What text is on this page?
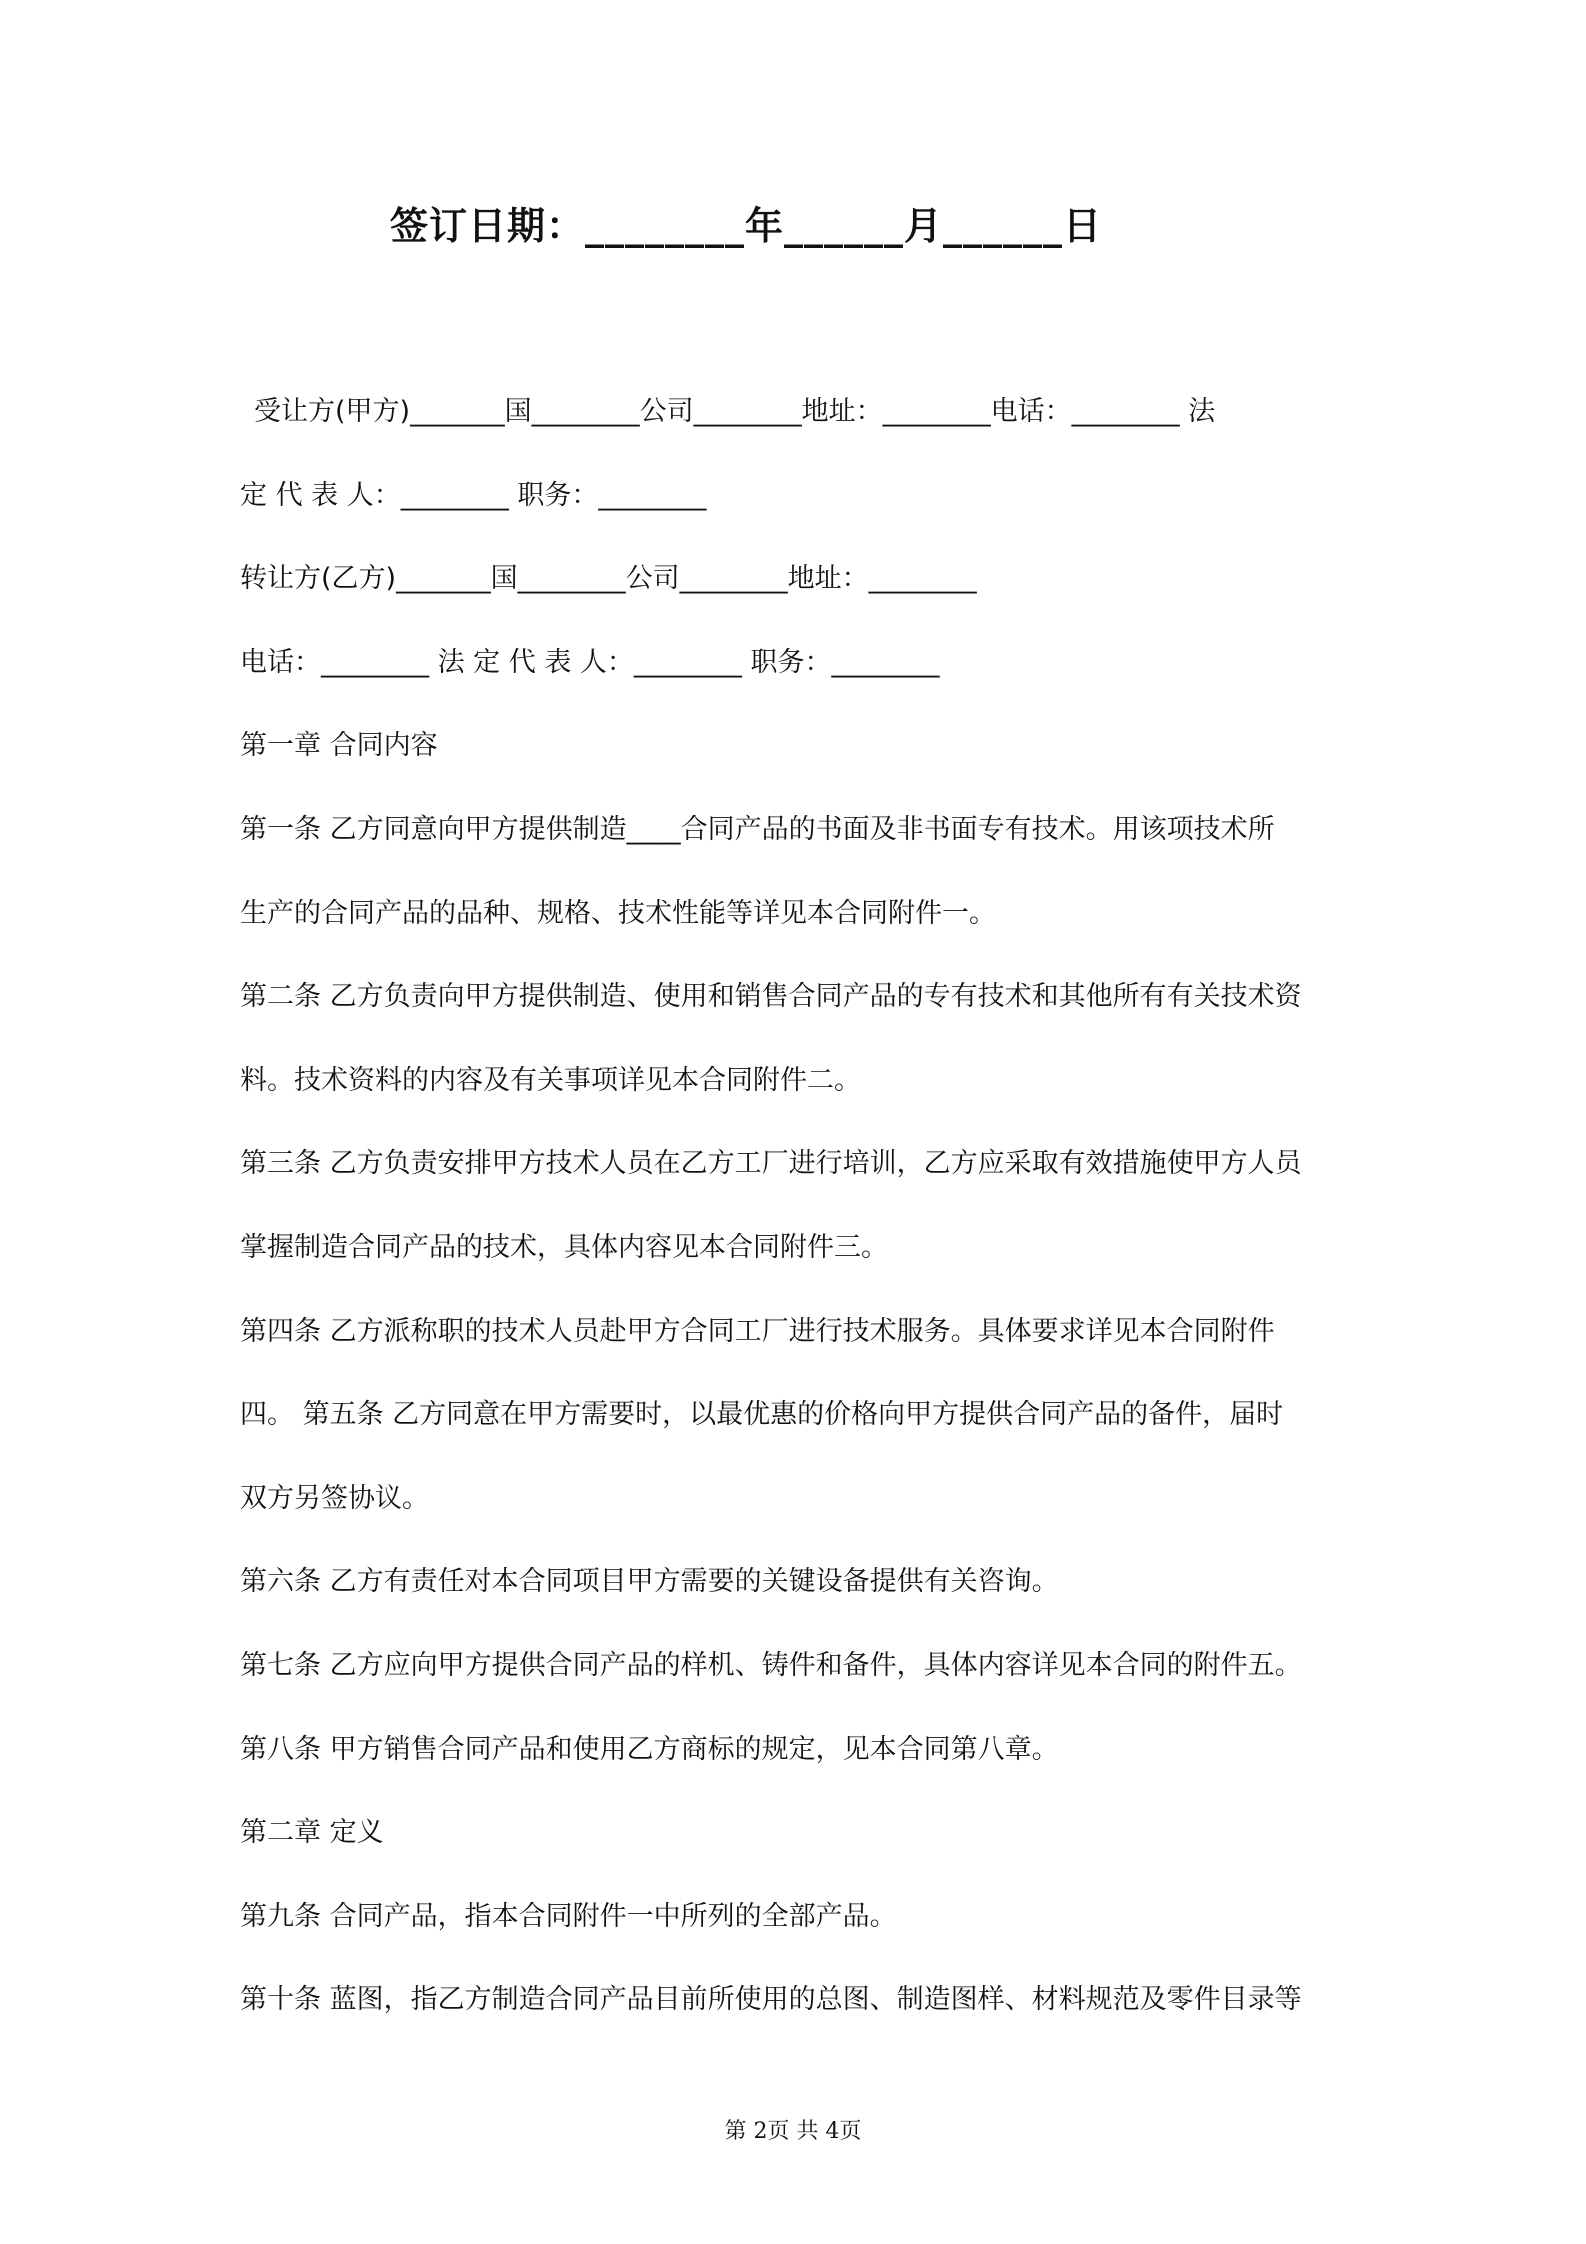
签订日期：________年______月______日
受让方(甲方)_______国________公司________地址：________电话：________ 法
定 代 表 人：________ 职务：________
转让方(乙方)_______国________公司________地址：________
电话：________ 法 定 代 表 人：________ 职务：________
第一章 合同内容
第一条 乙方同意向甲方提供制造____合同产品的书面及非书面专有技术。用该项技术所
生产的合同产品的品种、规格、技术性能等详见本合同附件一。
第二条 乙方负责向甲方提供制造、使用和销售合同产品的专有技术和其他所有有关技术资
料。技术资料的内容及有关事项详见本合同附件二。
第三条 乙方负责安排甲方技术人员在乙方工厂进行培训，乙方应采取有效措施使甲方人员
掌握制造合同产品的技术，具体内容见本合同附件三。
第四条 乙方派称职的技术人员赴甲方合同工厂进行技术服务。具体要求详见本合同附件
四。 第五条 乙方同意在甲方需要时，以最优惠的价格向甲方提供合同产品的备件，届时
双方另签协议。
第六条 乙方有责任对本合同项目甲方需要的关键设备提供有关咨询。
第七条 乙方应向甲方提供合同产品的样机、铸件和备件，具体内容详见本合同的附件五。
第八条 甲方销售合同产品和使用乙方商标的规定，见本合同第八章。
第二章 定义
第九条 合同产品，指本合同附件一中所列的全部产品。
第十条 蓝图，指乙方制造合同产品目前所使用的总图、制造图样、材料规范及零件目录等
第 2页 共 4页
